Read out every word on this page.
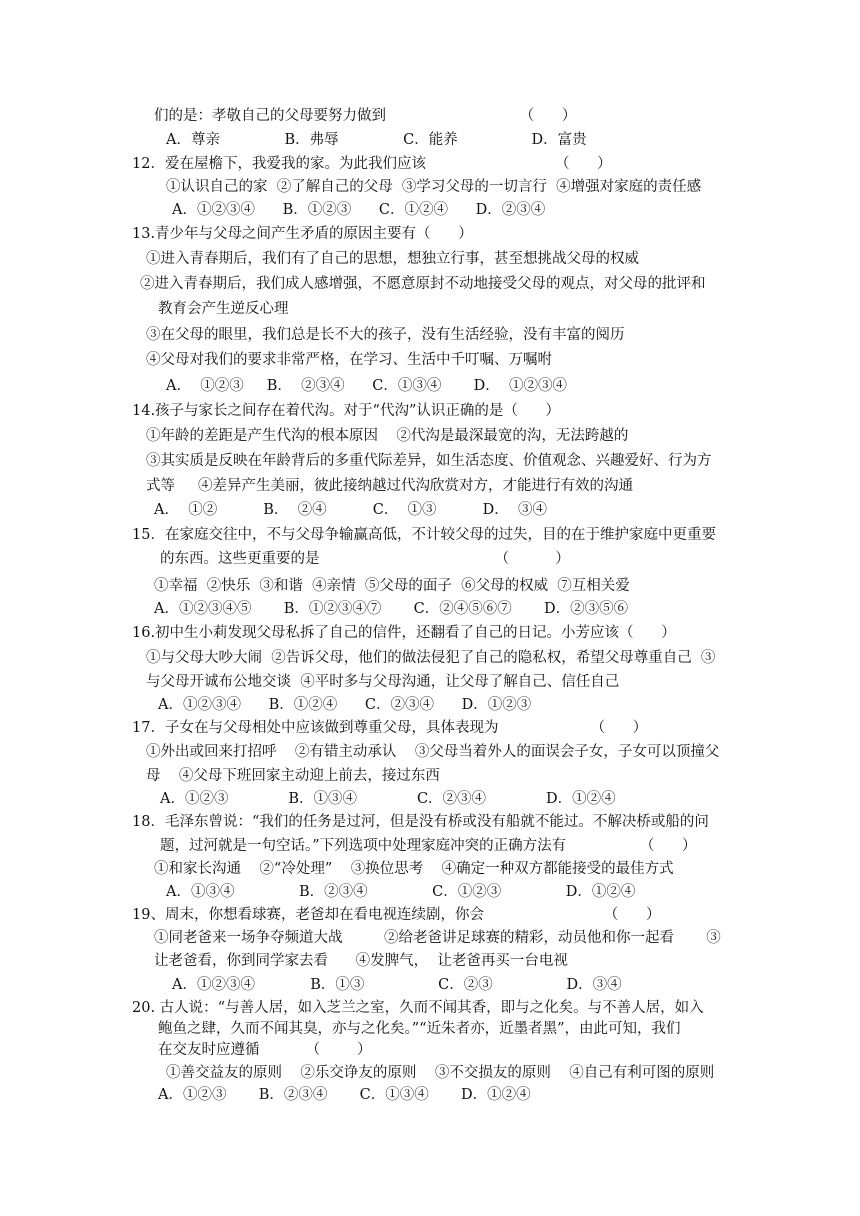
们的是：孝敬自己的父母要努力做到                             （      ）
A．尊亲              B．弗辱              C．能养                D．富贵
12．爱在屋檐下，我爱我的家。为此我们应该                            （      ）
①认识自己的家  ②了解自己的父母  ③学习父母的一切言行  ④增强对家庭的责任感
A．①②③④      B．①②③      C．①②④      D．②③④
13.青少年与父母之间产生矛盾的原因主要有（      ）
①进入青春期后，我们有了自己的思想，想独立行事，甚至想挑战父母的权威
②进入青春期后，我们成人感增强，不愿意原封不动地接受父母的观点，对父母的批评和
教育会产生逆反心理
③在父母的眼里，我们总是长不大的孩子，没有生活经验，没有丰富的阅历
④父母对我们的要求非常严格，在学习、生活中千叮嘱、万嘱咐
A．  ①②③     B．  ②③④      C．①③④       D．  ①②③④
14.孩子与家长之间存在着代沟。对于“代沟”认识正确的是（      ）
①年龄的差距是产生代沟的根本原因    ②代沟是最深最宽的沟，无法跨越的
③其实质是反映在年龄背后的多重代际差异，如生活态度、价值观念、兴趣爱好、行为方
式等     ④差异产生美丽，彼此接纳越过代沟欣赏对方，才能进行有效的沟通
A．  ①②          B．  ②④          C．  ①③          D．  ③④
15．在家庭交往中，不与父母争输赢高低，不计较父母的过失，目的在于维护家庭中更重要
的东西。这些更重要的是                                      （          ）
①幸福  ②快乐  ③和谐  ④亲情  ⑤父母的面子  ⑥父母的权威  ⑦互相关爱
A．①②③④⑤       B．①②③④⑦       C．②④⑤⑥⑦       D．②③⑤⑥
16.初中生小莉发现父母私拆了自己的信件，还翻看了自己的日记。小芳应该（      ）
①与父母大吵大闹  ②告诉父母，他们的做法侵犯了自己的隐私权，希望父母尊重自己  ③
与父母开诚布公地交谈  ④平时多与父母沟通，让父母了解自己、信任自己
A．①②③④      B．①②④      C．②③④      D．①②③
17．子女在与父母相处中应该做到尊重父母，具体表现为                    （      ）
①外出或回来打招呼    ②有错主动承认    ③父母当着外人的面误会子女，子女可以顶撞父
母    ④父母下班回家主动迎上前去，接过东西
A．①②③             B．①③④             C．②③④             D．①②④
18．毛泽东曾说：“我们的任务是过河，但是没有桥或没有船就不能过。不解决桥或船的问
题，过河就是一句空话。”下列选项中处理家庭冲突的正确方法有                （      ）
①和家长沟通    ②“冷处理”    ③换位思考    ④确定一种双方都能接受的最佳方式
A．①③④              B．②③④              C．①②③              D．①②④
19、周末，你想看球赛，老爸却在看电视连续剧，你会                          （      ）
①同老爸来一场争夺频道大战         ②给老爸讲足球赛的精彩，动员他和你一起看       ③
让老爸看，你到同学家去看      ④发脾气，  让老爸再买一台电视
A．①②③④            B．①③                C．②③                D．③④
20. 古人说：“与善人居，如入芝兰之室，久而不闻其香，即与之化矣。与不善人居，如入
鲍鱼之肆，久而不闻其臭，亦与之化矣。”“近朱者亦，近墨者黑”，由此可知，我们
在交友时应遵循          （        ）
①善交益友的原则    ②乐交诤友的原则    ③不交损友的原则    ④自己有利可图的原则
A．①②③       B．②③④       C．①③④       D．①②④
